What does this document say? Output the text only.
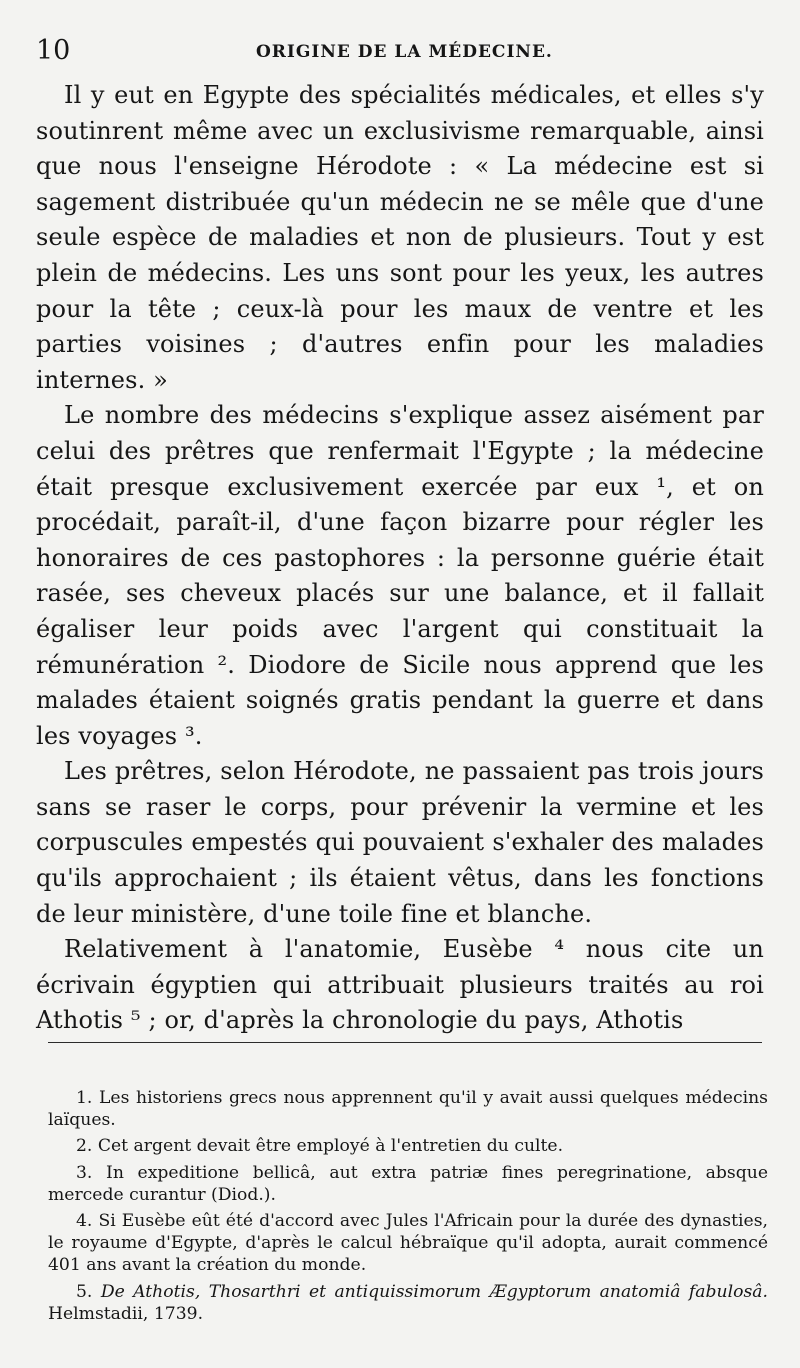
10	ORIGINE DE LA MÉDECINE.

Il y eut en Egypte des spécialités médicales, et elles s'y soutinrent même avec un exclusivisme remarquable, ainsi que nous l'enseigne Hérodote : « La médecine est si sagement distribuée qu'un médecin ne se mêle que d'une seule espèce de maladies et non de plusieurs. Tout y est plein de médecins. Les uns sont pour les yeux, les autres pour la tête ; ceux-là pour les maux de ventre et les parties voisines ; d'autres enfin pour les maladies internes. »

Le nombre des médecins s'explique assez aisément par celui des prêtres que renfermait l'Egypte ; la médecine était presque exclusivement exercée par eux ¹, et on procédait, paraît-il, d'une façon bizarre pour régler les honoraires de ces pastophores : la personne guérie était rasée, ses cheveux placés sur une balance, et il fallait égaliser leur poids avec l'argent qui constituait la rémunération ². Diodore de Sicile nous apprend que les malades étaient soignés gratis pendant la guerre et dans les voyages ³.

Les prêtres, selon Hérodote, ne passaient pas trois jours sans se raser le corps, pour prévenir la vermine et les corpuscules empestés qui pouvaient s'exhaler des malades qu'ils approchaient ; ils étaient vêtus, dans les fonctions de leur ministère, d'une toile fine et blanche.

Relativement à l'anatomie, Eusèbe ⁴ nous cite un écrivain égyptien qui attribuait plusieurs traités au roi Athotis ⁵ ; or, d'après la chronologie du pays, Athotis

1. Les historiens grecs nous apprennent qu'il y avait aussi quelques médecins laïques.

2. Cet argent devait être employé à l'entretien du culte.

3. In expeditione bellicâ, aut extra patriæ fines peregrinatione, absque mercede curantur (Diod.).

4. Si Eusèbe eût été d'accord avec Jules l'Africain pour la durée des dynasties, le royaume d'Egypte, d'après le calcul hébraïque qu'il adopta, aurait commencé 401 ans avant la création du monde.

5. De Athotis, Thosarthri et antiquissimorum Ægyptorum anatomiâ fabulosâ. Helmstadii, 1739.
